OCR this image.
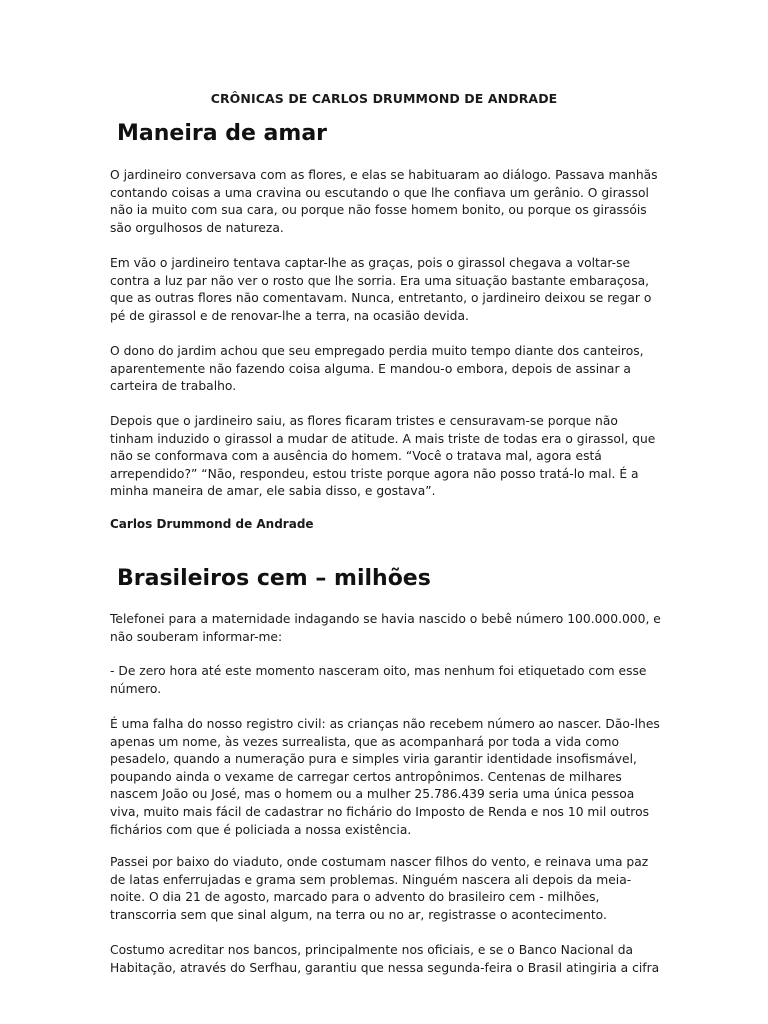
CRÔNICAS DE CARLOS DRUMMOND DE ANDRADE
Maneira de amar

O jardineiro conversava com as flores, e elas se habituaram ao diálogo. Passava manhãs contando coisas a uma cravina ou escutando o que lhe confiava um gerânio. O girassol não ia muito com sua cara, ou porque não fosse homem bonito, ou porque os girassóis são orgulhosos de natureza.

Em vão o jardineiro tentava captar-lhe as graças, pois o girassol chegava a voltar-se contra a luz par não ver o rosto que lhe sorria. Era uma situação bastante embaraçosa, que as outras flores não comentavam. Nunca, entretanto, o jardineiro deixou se regar o pé de girassol e de renovar-lhe a terra, na ocasião devida.

O dono do jardim achou que seu empregado perdia muito tempo diante dos canteiros, aparentemente não fazendo coisa alguma. E mandou-o embora, depois de assinar a carteira de trabalho.

Depois que o jardineiro saiu, as flores ficaram tristes e censuravam-se porque não tinham induzido o girassol a mudar de atitude. A mais triste de todas era o girassol, que não se conformava com a ausência do homem. “Você o tratava mal, agora está arrependido?” “Não, respondeu, estou triste porque agora não posso tratá-lo mal. É a minha maneira de amar, ele sabia disso, e gostava”.

Carlos Drummond de Andrade

Brasileiros cem – milhões

Telefonei para a maternidade indagando se havia nascido o bebê número 100.000.000, e não souberam informar-me:

- De zero hora até este momento nasceram oito, mas nenhum foi etiquetado com esse número.

É uma falha do nosso registro civil: as crianças não recebem número ao nascer. Dão-lhes apenas um nome, às vezes surrealista, que as acompanhará por toda a vida como pesadelo, quando a numeração pura e simples viria garantir identidade insofismável, poupando ainda o vexame de carregar certos antropônimos. Centenas de milhares nascem João ou José, mas o homem ou a mulher 25.786.439 seria uma única pessoa viva, muito mais fácil de cadastrar no fichário do Imposto de Renda e nos 10 mil outros fichários com que é policiada a nossa existência.

Passei por baixo do viaduto, onde costumam nascer filhos do vento, e reinava uma paz de latas enferrujadas e grama sem problemas. Ninguém nascera ali depois da meia-noite. O dia 21 de agosto, marcado para o advento do brasileiro cem - milhões, transcorria sem que sinal algum, na terra ou no ar, registrasse o acontecimento.

Costumo acreditar nos bancos, principalmente nos oficiais, e se o Banco Nacional da Habitação, através do Serfhau, garantiu que nessa segunda-feira o Brasil atingiria a cifra
